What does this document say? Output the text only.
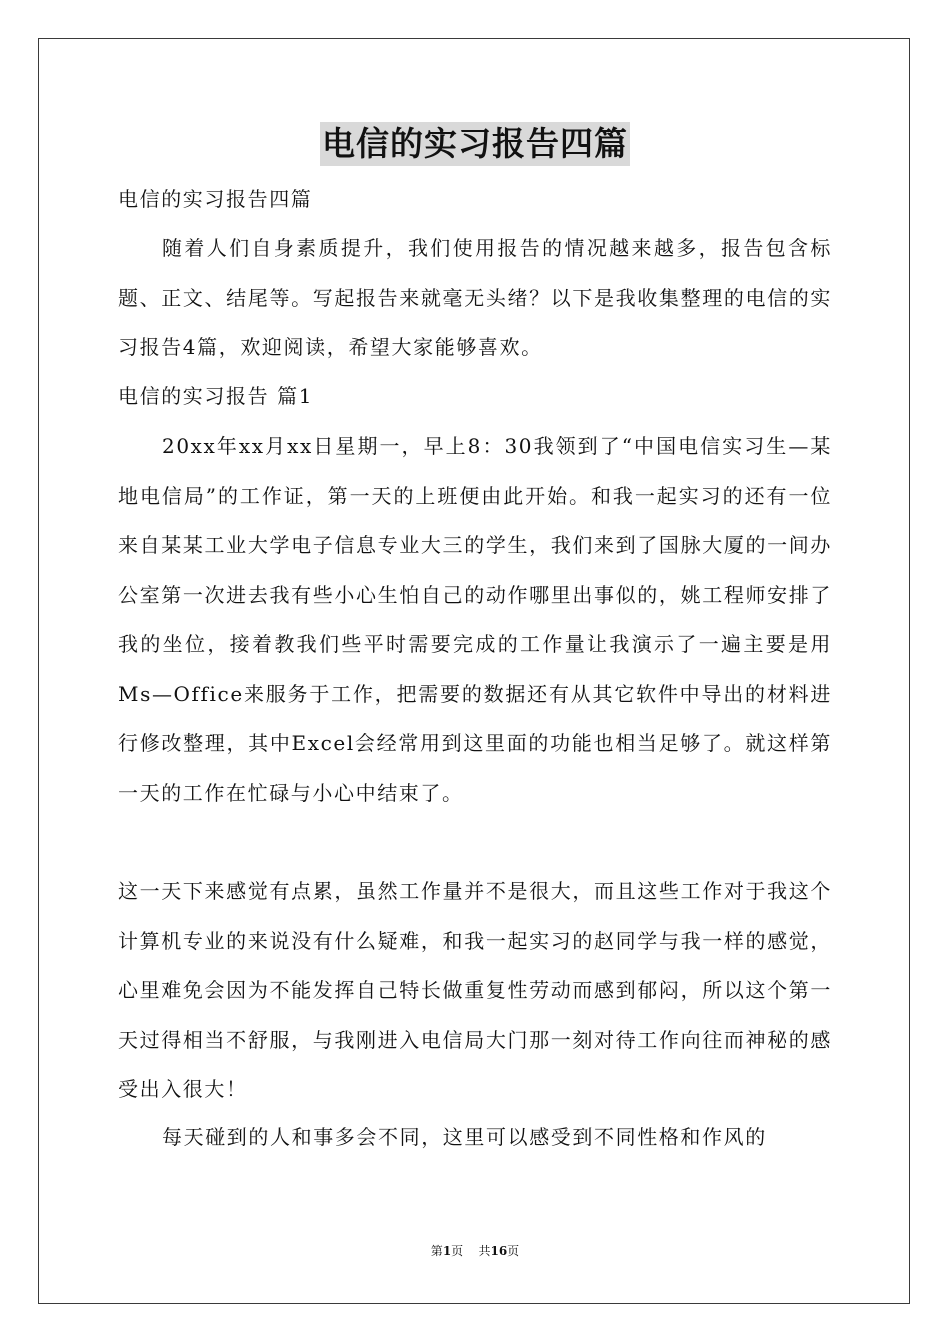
电信的实习报告四篇

电信的实习报告四篇

随着人们自身素质提升，我们使用报告的情况越来越多，报告包含标题、正文、结尾等。写起报告来就毫无头绪？以下是我收集整理的电信的实习报告4篇，欢迎阅读，希望大家能够喜欢。

电信的实习报告 篇1

20xx年xx月xx日星期一，早上8：30我领到了“中国电信实习生—某地电信局”的工作证，第一天的上班便由此开始。和我一起实习的还有一位来自某某工业大学电子信息专业大三的学生，我们来到了国脉大厦的一间办公室第一次进去我有些小心生怕自己的动作哪里出事似的，姚工程师安排了我的坐位，接着教我们些平时需要完成的工作量让我演示了一遍主要是用Ms—Office来服务于工作，把需要的数据还有从其它软件中导出的材料进行修改整理，其中Excel会经常用到这里面的功能也相当足够了。就这样第一天的工作在忙碌与小心中结束了。

这一天下来感觉有点累，虽然工作量并不是很大，而且这些工作对于我这个计算机专业的来说没有什么疑难，和我一起实习的赵同学与我一样的感觉，心里难免会因为不能发挥自己特长做重复性劳动而感到郁闷，所以这个第一天过得相当不舒服，与我刚进入电信局大门那一刻对待工作向往而神秘的感受出入很大！

每天碰到的人和事多会不同，这里可以感受到不同性格和作风的

第1页 共16页
